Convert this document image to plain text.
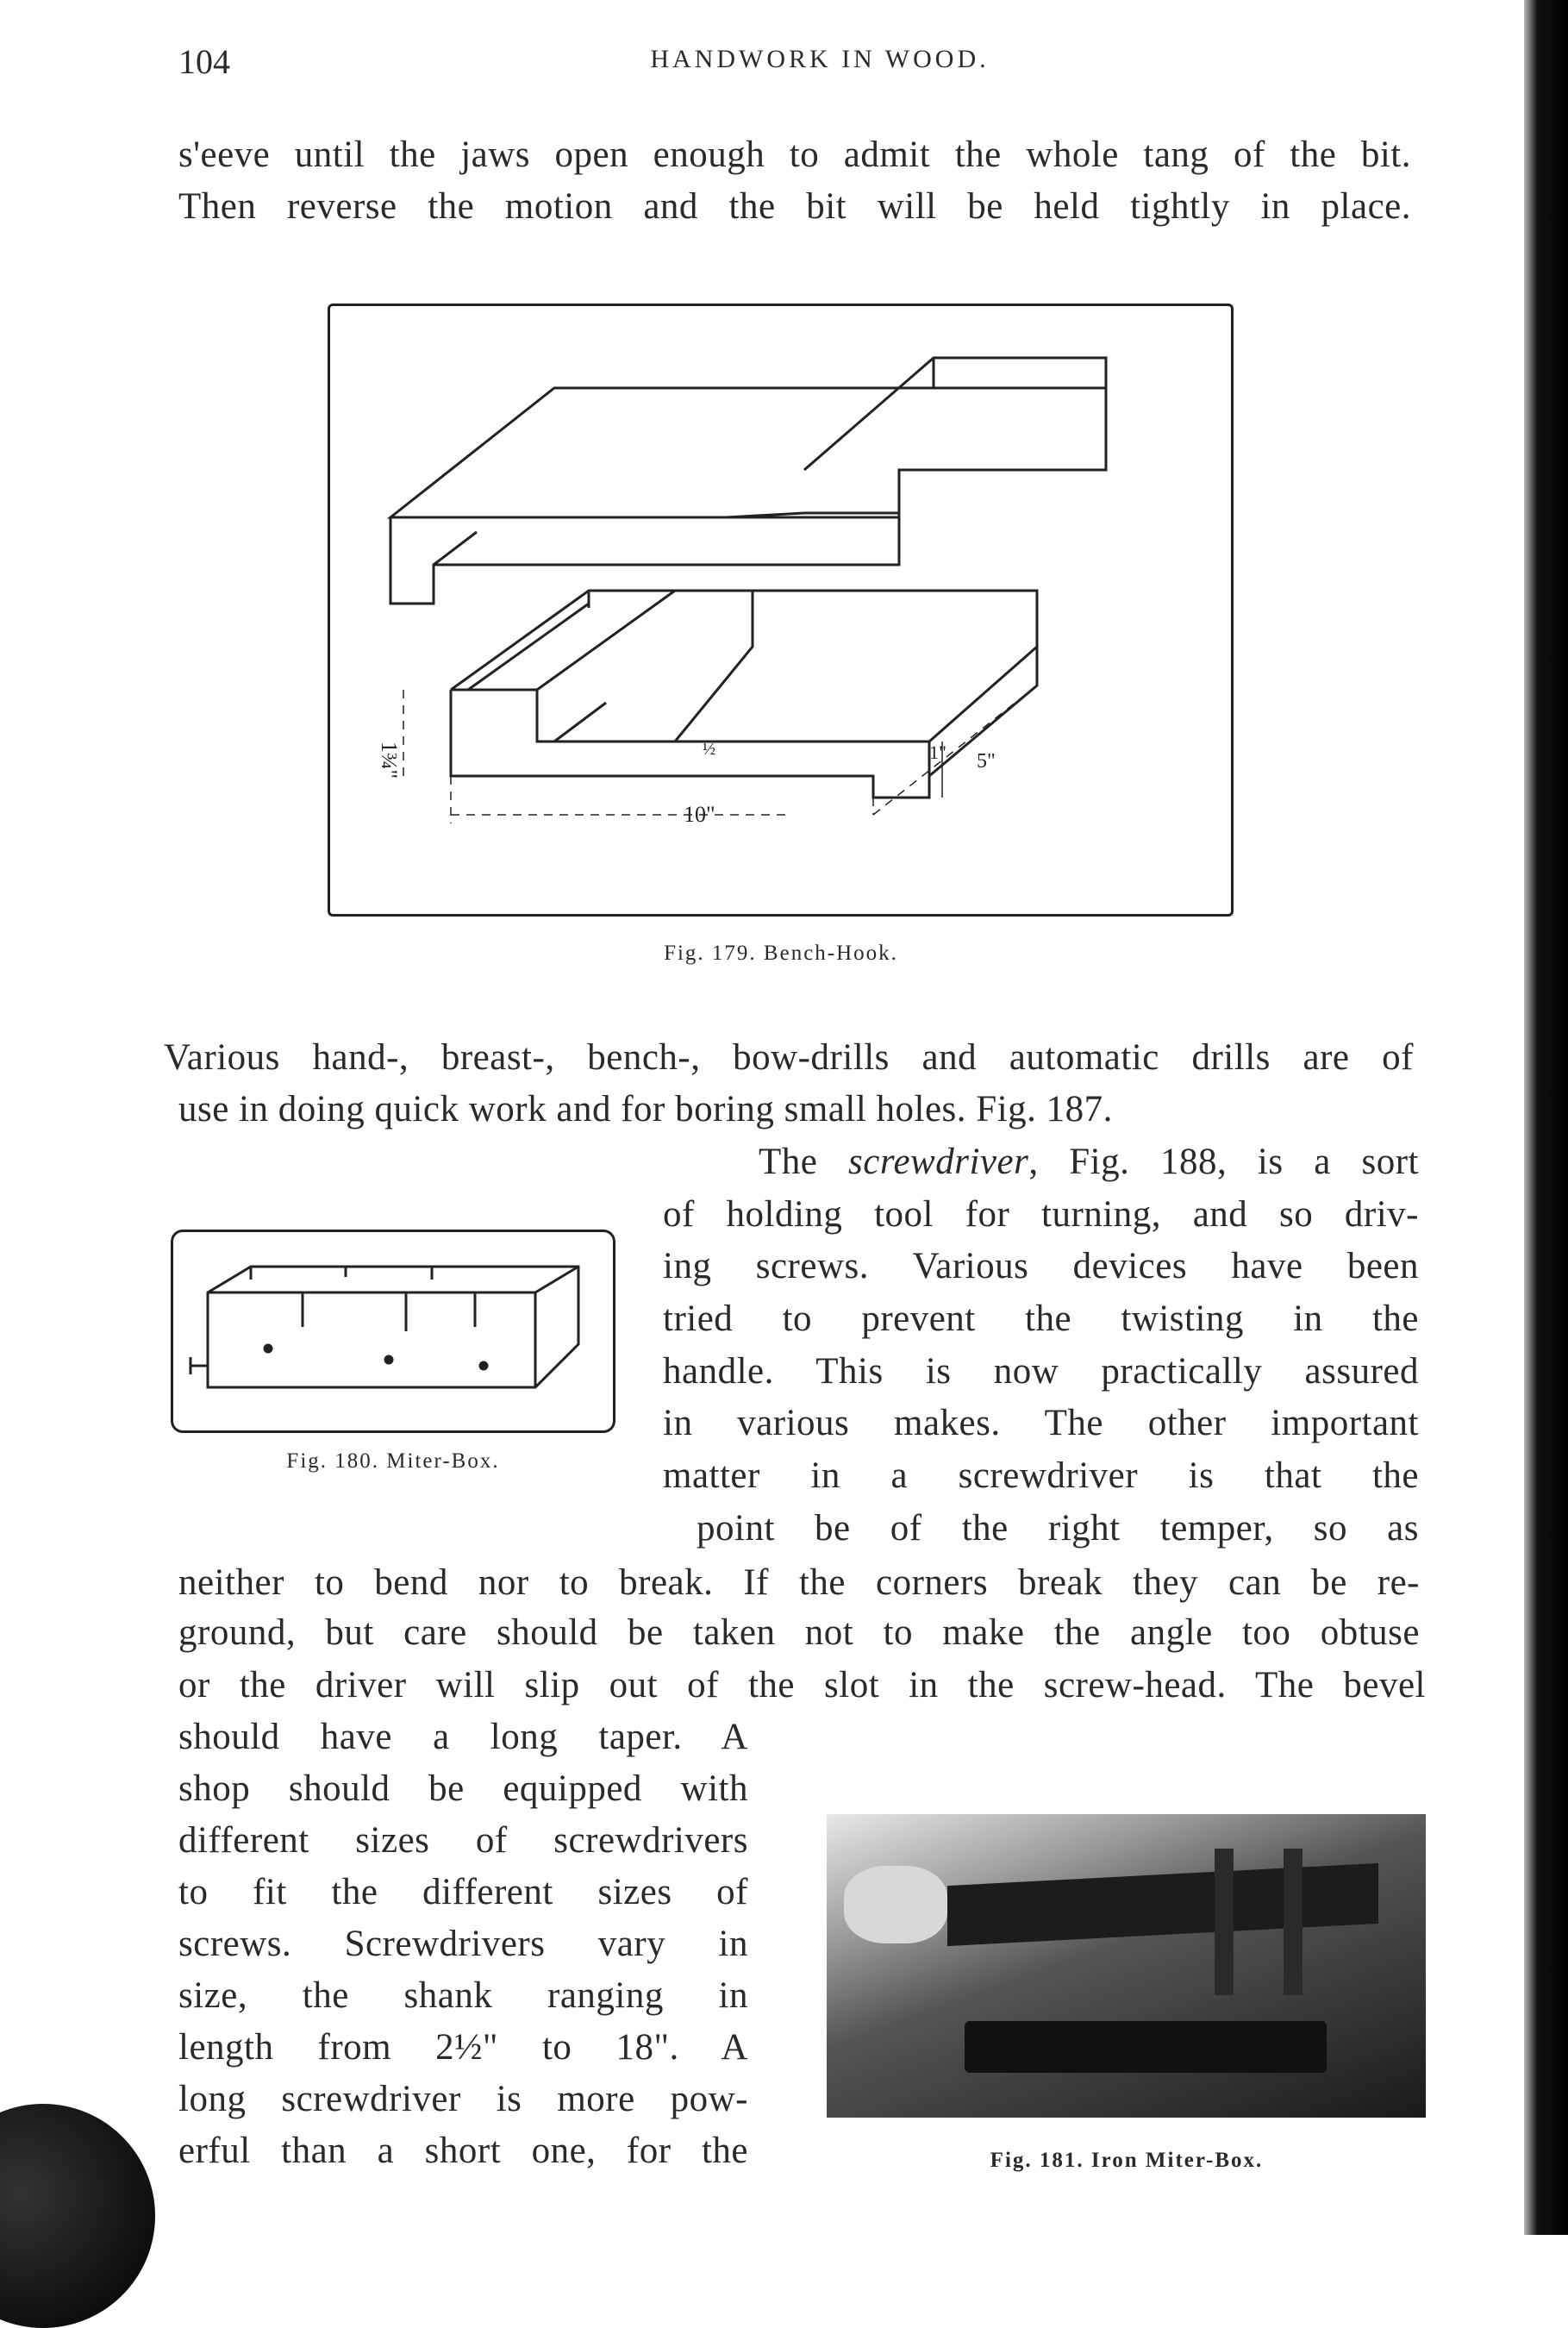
104	HANDWORK IN WOOD.
s'eeve until the jaws open enough to admit the whole tang of the bit.
Then reverse the motion and the bit will be held tightly in place.
1¾"	½	1" 5"
10"
Fig. 179. Bench-Hook.
Various hand-, breast-, bench-, bow-drills and automatic drills are of
use in doing quick work and for boring small holes. Fig. 187.
The screwdriver, Fig. 188, is a sort
of holding tool for turning, and so driv-
ing screws. Various devices have been
tried to prevent the twisting in the
handle. This is now practically assured
in various makes. The other important
matter in a screwdriver is that the
point be of the right temper, so as
Fig. 180. Miter-Box.
neither to bend nor to break. If the corners break they can be re-
ground, but care should be taken not to make the angle too obtuse
or the driver will slip out of the slot in the screw-head. The bevel
should have a long taper. A
shop should be equipped with
different sizes of screwdrivers
to fit the different sizes of
screws. Screwdrivers vary in
size, the shank ranging in
length from 2½" to 18". A
long screwdriver is more pow-
erful than a short one, for the	Fig. 181. Iron Miter-Box.
